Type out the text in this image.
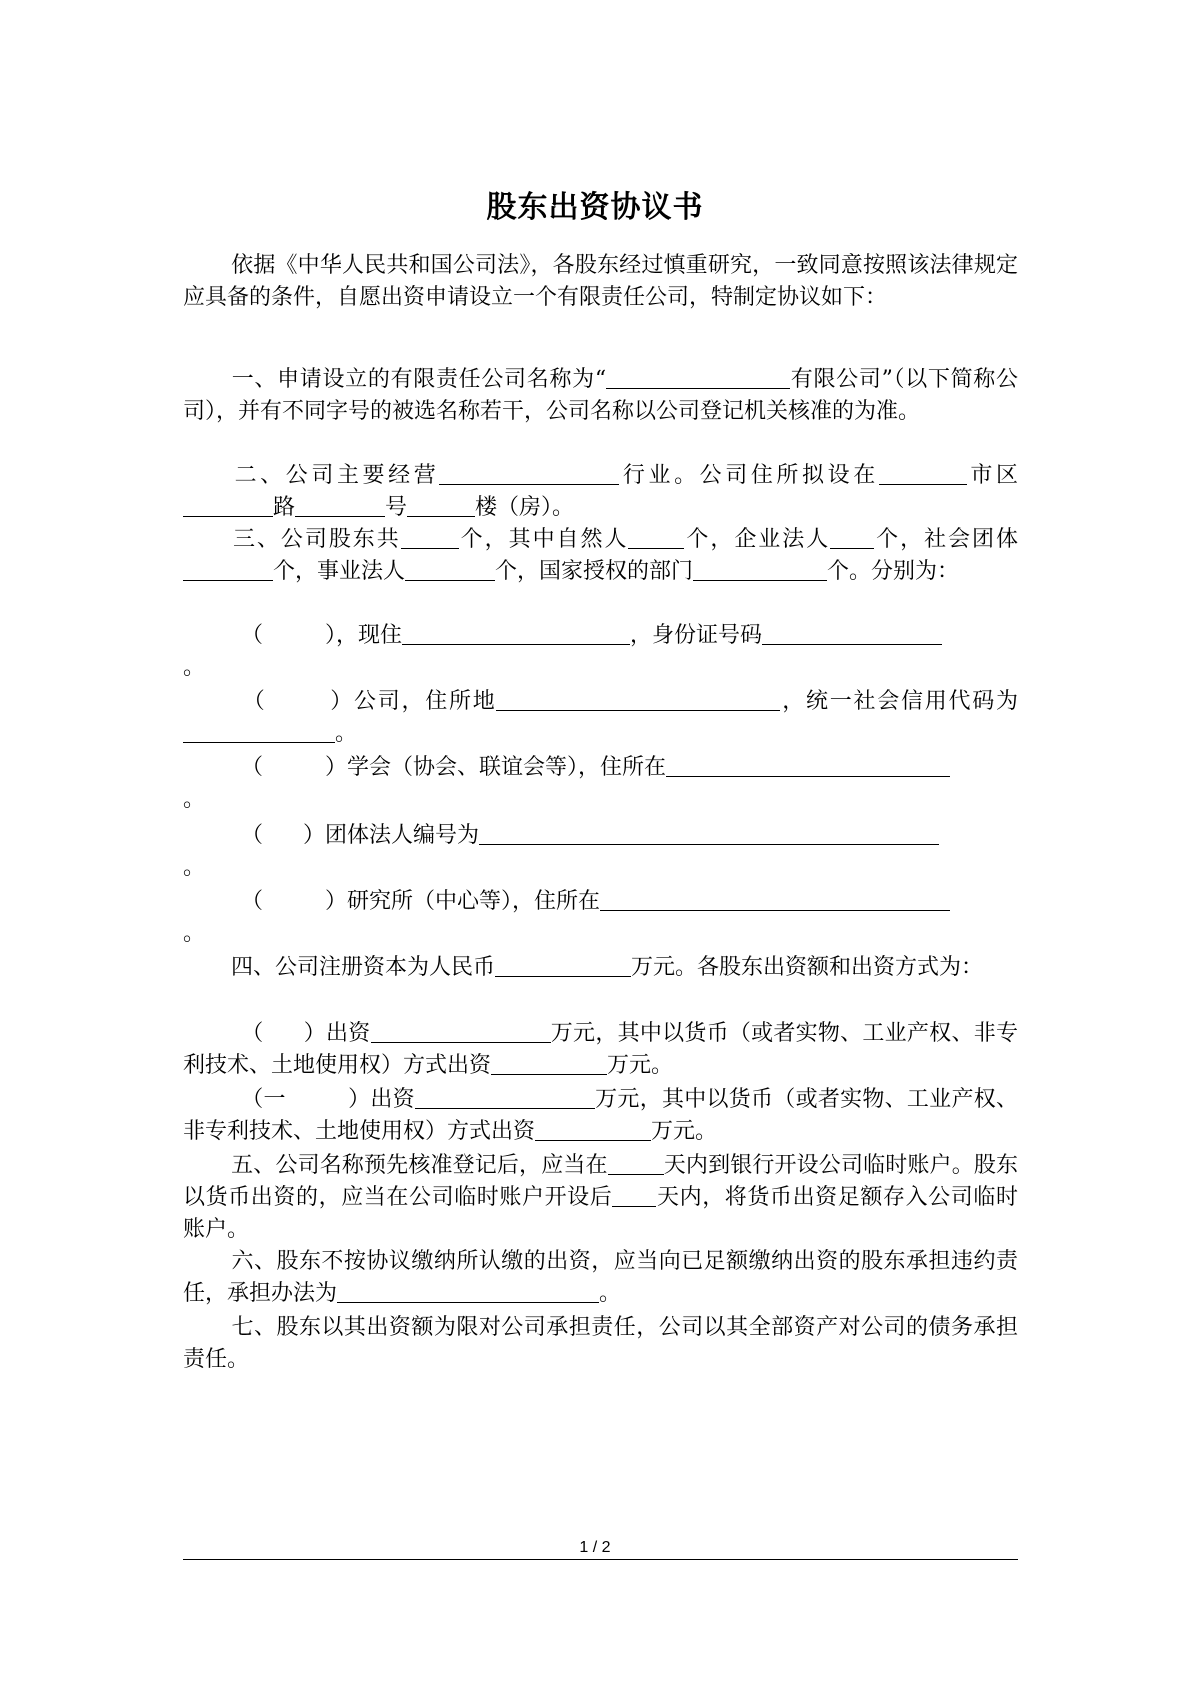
股东出资协议书
依据《中华人民共和国公司法》，各股东经过慎重研究，一致同意按照该法律规定应具备的条件，自愿出资申请设立一个有限责任公司，特制定协议如下：
一、申请设立的有限责任公司名称为“	有限公司”（以下简称公司），并有不同字号的被选名称若干，公司名称以公司登记机关核准的为准。
二、公司主要经营	行业。公司住所拟设在	市区路	号	楼（房）。
三、公司股东共	个，其中自然人	个，企业法人 个，社会团体个，事业法人	个，国家授权的部门	个。分别为：
（	），现住	，身份证号码
。
（	）公司，住所地	，统一社会信用代码为。
（	）学会（协会、联谊会等），住所在
。
（ ）团体法人编号为
。
（	）研究所（中心等），住所在
。
四、公司注册资本为人民币	万元。各股东出资额和出资方式为：
（ ）出资	万元，其中以货币（或者实物、工业产权、非专利技术、土地使用权）方式出资	万元。
（一	）出资	万元，其中以货币（或者实物、工业产权、非专利技术、土地使用权）方式出资	万元。
五、公司名称预先核准登记后，应当在	天内到银行开设公司临时账户。股东以货币出资的，应当在公司临时账户开设后 天内，将货币出资足额存入公司临时账户。
六、股东不按协议缴纳所认缴的出资，应当向已足额缴纳出资的股东承担违约责任，承担办法为	。
七、股东以其出资额为限对公司承担责任，公司以其全部资产对公司的债务承担责任。
1 / 2
